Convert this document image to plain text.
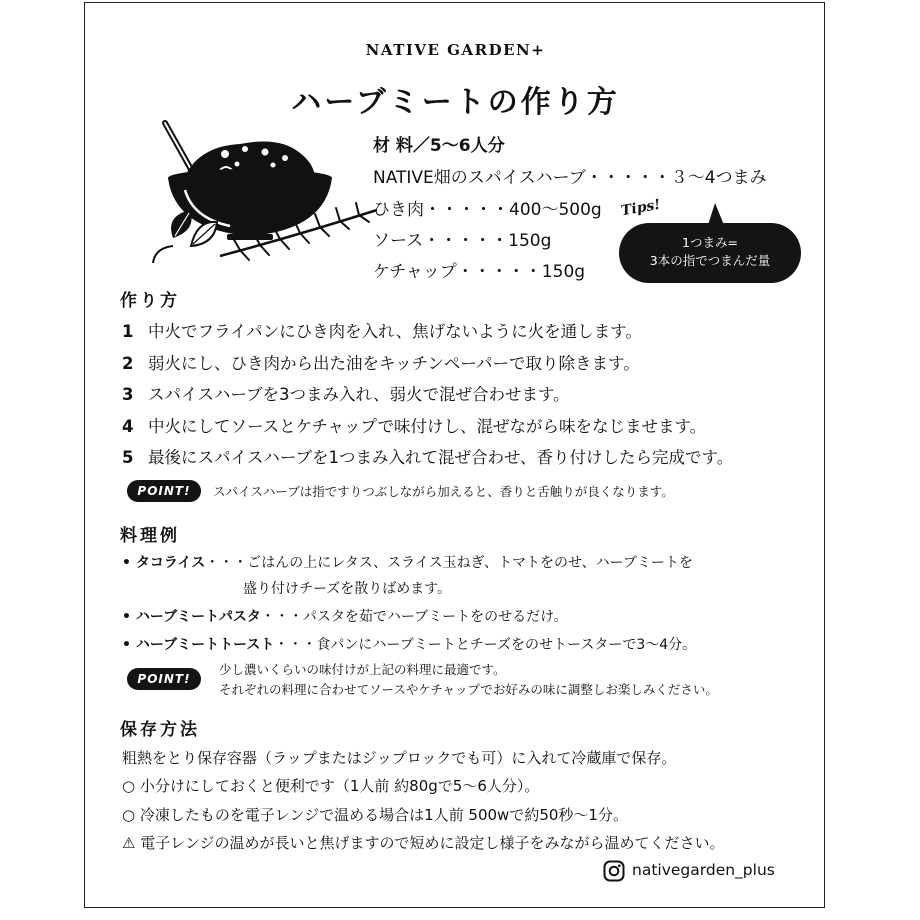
NATIVE GARDEN+
ハーブミートの作り方
材 料／5～6人分
NATIVE畑のスパイスハーブ・・・・・３～4つまみ
ひき肉・・・・・400～500g
ソース・・・・・150g
ケチャップ・・・・・150g
Tips!
1つまみ=
3本の指でつまんだ量
作り方
1 中火でフライパンにひき肉を入れ、焦げないように火を通します。
2 弱火にし、ひき肉から出た油をキッチンペーパーで取り除きます。
3 スパイスハーブを3つまみ入れ、弱火で混ぜ合わせます。
4 中火にしてソースとケチャップで味付けし、混ぜながら味をなじませます。
5 最後にスパイスハーブを1つまみ入れて混ぜ合わせ、香り付けしたら完成です。
POINT!	スパイスハーブは指ですりつぶしながら加えると、香りと舌触りが良くなります。
料理例
• タコライス・・・ごはんの上にレタス、スライス玉ねぎ、トマトをのせ、ハーブミートを
盛り付けチーズを散りばめます。
• ハーブミートパスタ・・・パスタを茹でハーブミートをのせるだけ。
• ハーブミートトースト・・・食パンにハーブミートとチーズをのせトースターで3～4分。
POINT!
少し濃いくらいの味付けが上記の料理に最適です。
それぞれの料理に合わせてソースやケチャップでお好みの味に調整しお楽しみください。
保存方法
粗熱をとり保存容器（ラップまたはジップロックでも可）に入れて冷蔵庫で保存。
○ 小分けにしておくと便利です（1人前 約80gで5～6人分）。
○ 冷凍したものを電子レンジで温める場合は1人前 500wで約50秒～1分。
⚠ 電子レンジの温めが長いと焦げますので短めに設定し様子をみながら温めてください。
nativegarden_plus
